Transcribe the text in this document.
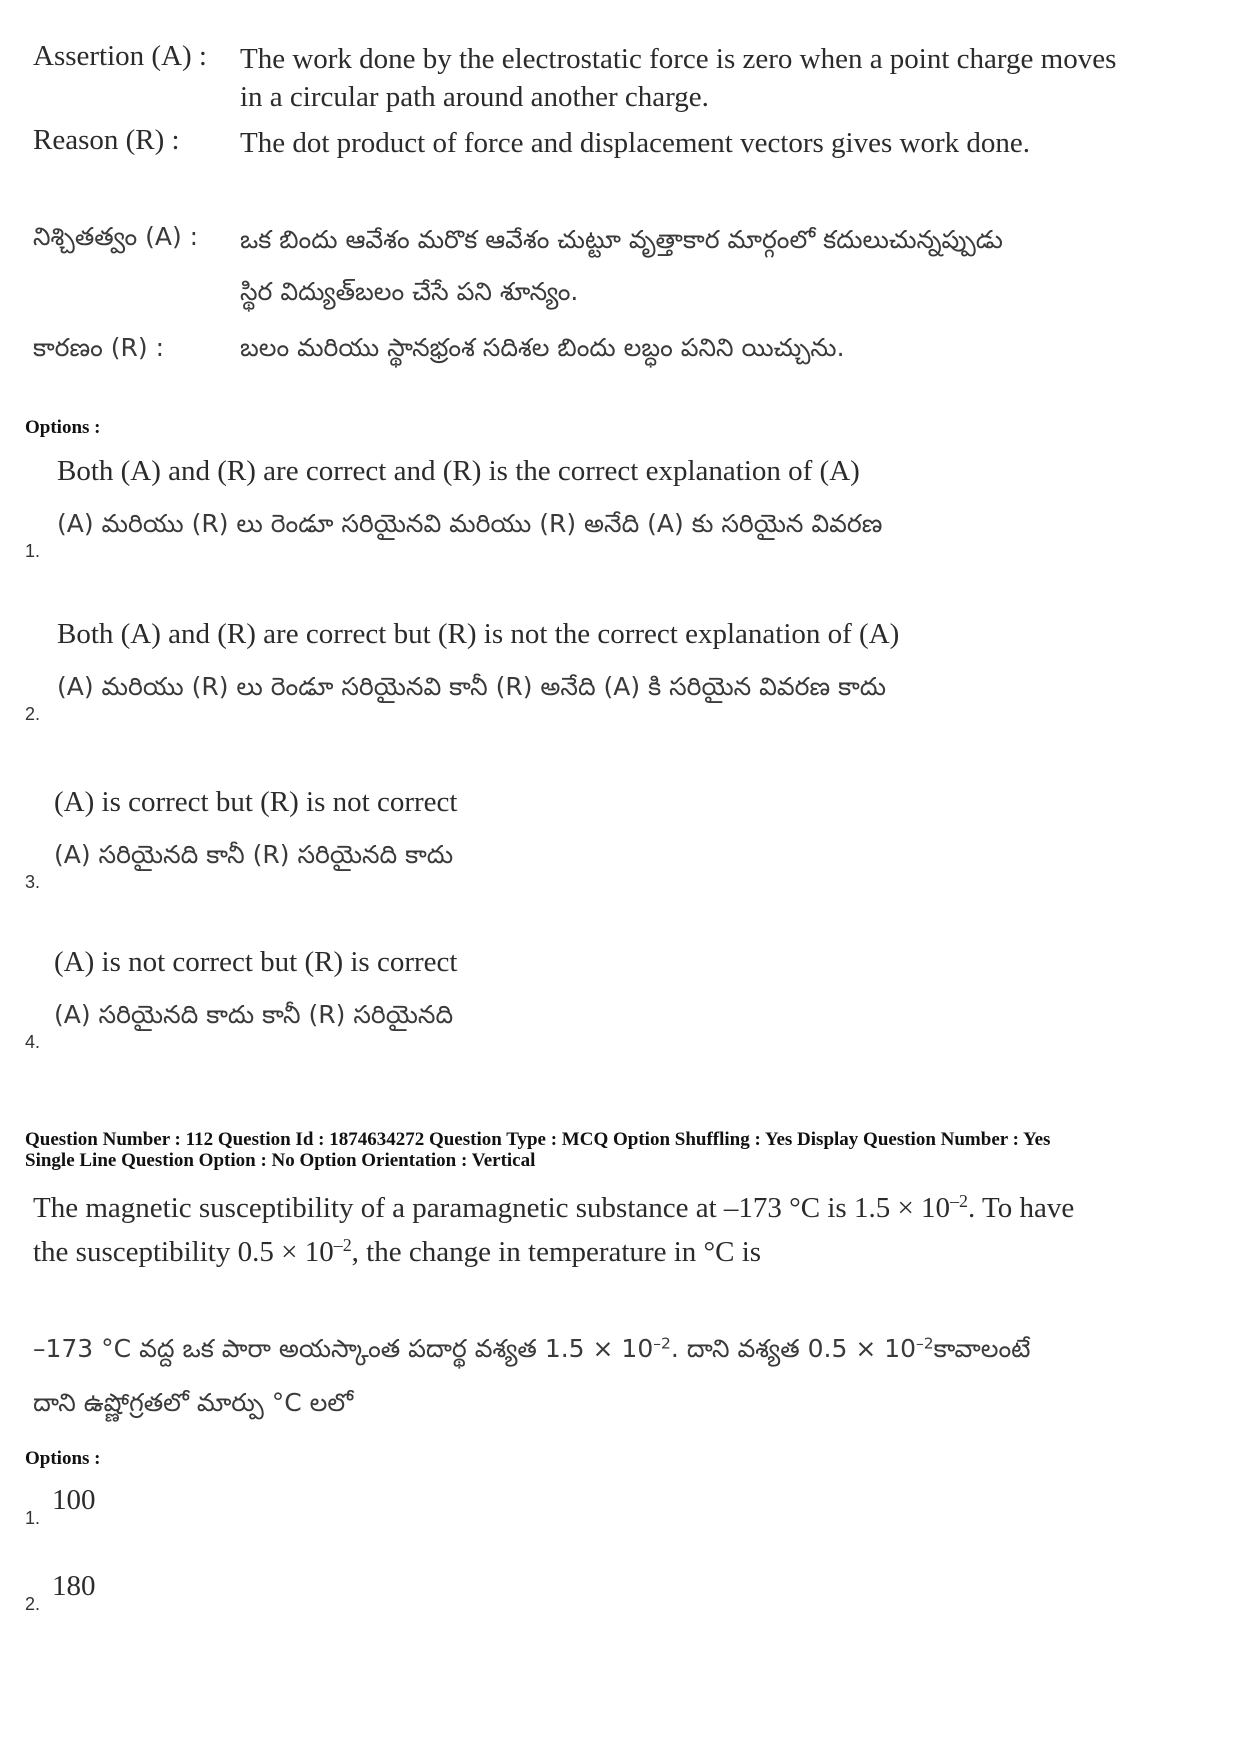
Assertion (A) : The work done by the electrostatic force is zero when a point charge moves
in a circular path around another charge.
Reason (R) : The dot product of force and displacement vectors gives work done.
నిశ్చితత్వం (A) : ఒక బిందు ఆవేశం మరొక ఆవేశం చుట్టూ వృత్తాకార మార్గంలో కదులుచున్నప్పుడు
స్థిర విద్యుత్‌బలం చేసే పని శూన్యం.
కారణం (R) :	బలం మరియు స్థానభ్రంశ సదిశల బిందు లబ్ధం పనిని యిచ్చును.
Options :
Both (A) and (R) are correct and (R) is the correct explanation of (A)
(A) మరియు (R) లు రెండూ సరియైనవి మరియు (R) అనేది (A) కు సరియైన వివరణ
1.
Both (A) and (R) are correct but (R) is not the correct explanation of (A)
(A) మరియు (R) లు రెండూ సరియైనవి కానీ (R) అనేది (A) కి సరియైన వివరణ కాదు
2.
(A) is correct but (R) is not correct
(A) సరియైనది కానీ (R) సరియైనది కాదు
3.
(A) is not correct but (R) is correct
(A) సరియైనది కాదు కానీ (R) సరియైనది
4.
Question Number : 112 Question Id : 1874634272 Question Type : MCQ Option Shuffling : Yes Display Question Number : Yes
Single Line Question Option : No Option Orientation : Vertical
The magnetic susceptibility of a paramagnetic substance at –173 °C is $1.5 \times 10^{-2}$. To have
the susceptibility $0.5 \times 10^{-2}$, the change in temperature in °C is
–173 °C వద్ద ఒక పారా అయస్కాంత పదార్థ వశ్యత $1.5 \times 10^{-2}$. దాని వశ్యత $0.5 \times 10^{-2}కావాలంటే$
దాని ఉష్ణోగ్రతలో మార్పు °C లలో
Options :
1.
100
2.
180
